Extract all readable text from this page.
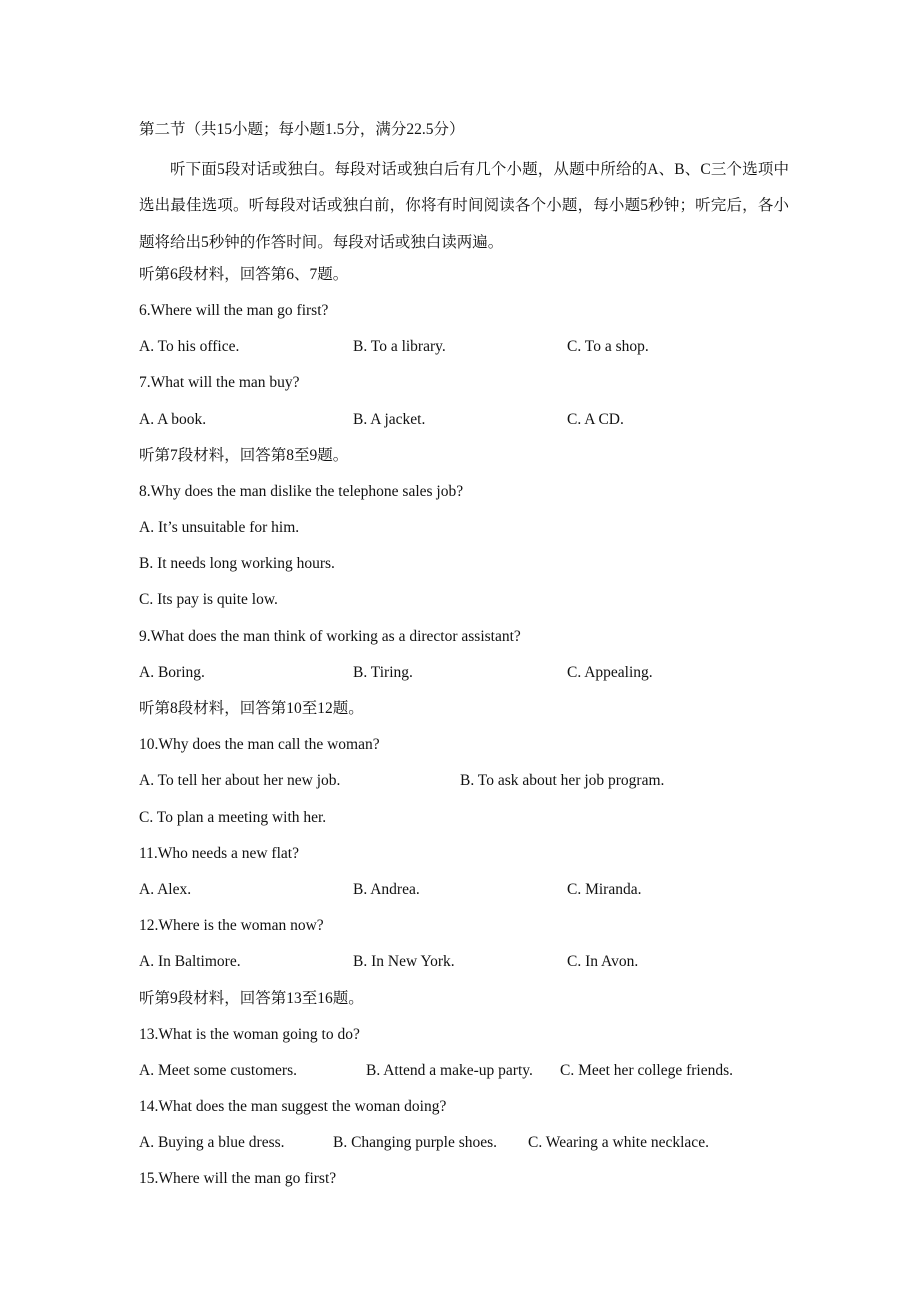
第二节（共15小题；每小题1.5分，满分22.5分）
听下面5段对话或独白。每段对话或独白后有几个小题，从题中所给的A、B、C三个选项中选出最佳选项。听每段对话或独白前，你将有时间阅读各个小题，每小题5秒钟；听完后，各小题将给出5秒钟的作答时间。每段对话或独白读两遍。
听第6段材料，回答第6、7题。
6.Where will the man go first?
A. To his office.	B. To a library.	C. To a shop.
7.What will the man buy?
A. A book.	B. A jacket.	C. A CD.
听第7段材料，回答第8至9题。
8.Why does the man dislike the telephone sales job?
A. It’s unsuitable for him.
B. It needs long working hours.
C. Its pay is quite low.
9.What does the man think of working as a director assistant?
A. Boring.	B. Tiring.	C. Appealing.
听第8段材料，回答第10至12题。
10.Why does the man call the woman?
A. To tell her about her new job.	B. To ask about her job program.
C. To plan a meeting with her.
11.Who needs a new flat?
A. Alex.	B. Andrea.	C. Miranda.
12.Where is the woman now?
A. In Baltimore.	B. In New York.	C. In Avon.
听第9段材料，回答第13至16题。
13.What is the woman going to do?
A. Meet some customers.	B. Attend a make-up party. C. Meet her college friends.
14.What does the man suggest the woman doing?
A. Buying a blue dress.	B. Changing purple shoes. C. Wearing a white necklace.
15.Where will the man go first?
